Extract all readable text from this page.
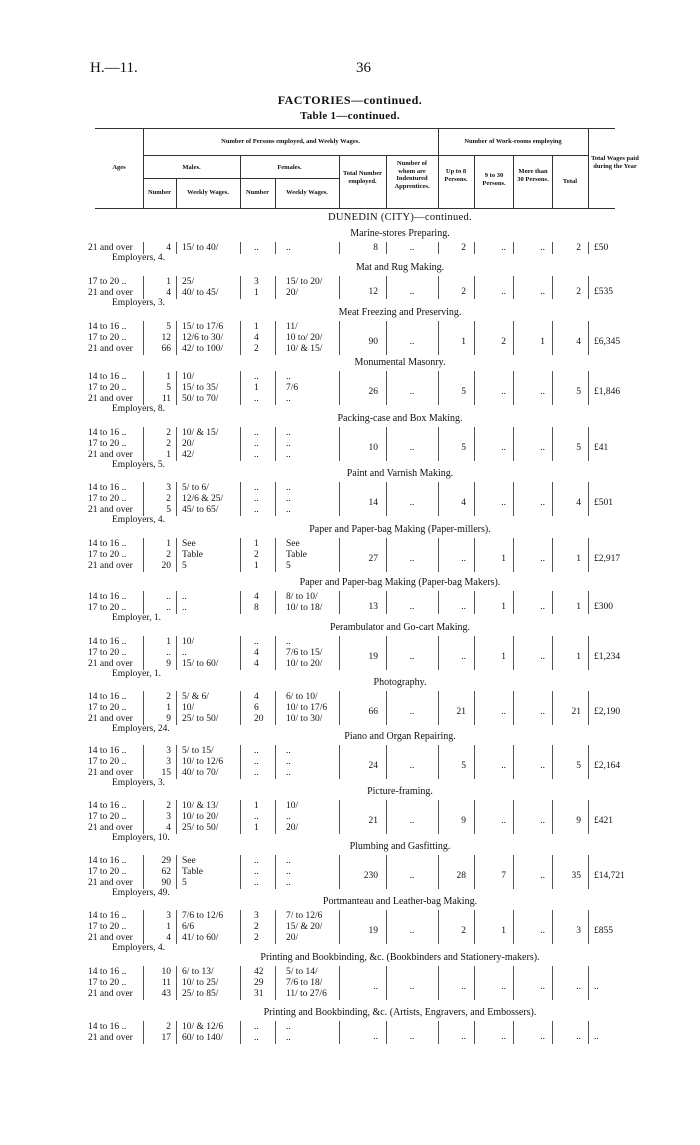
H.—11.	36
FACTORIES—continued.
Table 1—continued.
Ages
Number of Persons employed, and Weekly Wages.
Males.	Females.
Number	Weekly Wages.	Number	Weekly Wages.
Total Number employed.
Number of whom are Indentured Apprentices.
Number of Work-rooms employing
Up to 8 Persons.	9 to 30 Persons.
More than 30 Persons.	Total
Total Wages paid during the Year
DUNEDIN (CITY)—continued.
Marine-stores Preparing.
21 and over	4 15/ to 40/	..	..	8	..	2	..	..	2 £50
Employers, 4.
Mat and Rug Making.
17 to 20 ..	1 25/	3	15/ to 20/
21 and over	4 40/ to 45/	1	20/	12	..	2	..	..	2 £535
Employers, 3.
Meat Freezing and Preserving.
14 to 16 ..	5 15/ to 17/6	1	11/
17 to 20 ..	12 12/6 to 30/	4	10 to/ 20/
21 and over	66 42/ to 100/	2	10/ & 15/
90	..	1	2	1	4 £6,345
Monumental Masonry.
14 to 16 ..	1 10/	..	..
17 to 20 ..	5 15/ to 35/	1	7/6
21 and over	11 50/ to 70/	..	..
26	..	5	..	..	5 £1,846
Employers, 8.
Packing-case and Box Making.
14 to 16 ..	2 10/ & 15/	..	..
17 to 20 ..	2 20/	..	..
21 and over	1 42/	..	..
10	..	5	..	..	5 £41
Employers, 5.
Paint and Varnish Making.
14 to 16 ..	3 5/ to 6/	..	..
17 to 20 ..	2 12/6 & 25/	..	..
21 and over	5 45/ to 65/	..	..
14	..	4	..	..	4 £501
Employers, 4.
Paper and Paper-bag Making (Paper-millers).
14 to 16 ..	1 See	1	See
17 to 20 ..	2 Table	2	Table
21 and over	20 5	1	5
27	..	..	1	..	1 £2,917
Paper and Paper-bag Making (Paper-bag Makers).
14 to 16 ..	.. ..	4	8/ to 10/
17 to 20 ..	.. ..	8	10/ to 18/	13	..	..	1	..	1 £300
Employer, 1.
Perambulator and Go-cart Making.
14 to 16 ..	1 10/	..	..
17 to 20 ..	.. ..	4	7/6 to 15/
21 and over	9 15/ to 60/	4	10/ to 20/
19	..	..	1	..	1 £1,234
Employer, 1.
Photography.
14 to 16 ..	2 5/ & 6/	4	6/ to 10/
17 to 20 ..	1 10/	6	10/ to 17/6
21 and over	9 25/ to 50/	20 10/ to 30/
66	..	21	..	..	21 £2,190
Employers, 24.
Piano and Organ Repairing.
14 to 16 ..	3 5/ to 15/	..	..
17 to 20 ..	3 10/ to 12/6	..	..
21 and over	15 40/ to 70/	..	..
24	..	5	..	..	5 £2,164
Employers, 3.
Picture-framing.
14 to 16 ..	2 10/ & 13/	1	10/
17 to 20 ..	3 10/ to 20/	..	..
21 and over	4 25/ to 50/	1	20/
21	..	9	..	..	9 £421
Employers, 10.
Plumbing and Gasfitting.
14 to 16 ..	29 See	..	..
17 to 20 ..	62 Table	..	..
21 and over	90 5	..	..
230	..	28	7	..	35 £14,721
Employers, 49.
Portmanteau and Leather-bag Making.
14 to 16 ..	3 7/6 to 12/6	3	7/ to 12/6
17 to 20 ..	1 6/6	2	15/ & 20/
21 and over	4 41/ to 60/	2	20/
19	..	2	1	..	3 £855
Employers, 4.
Printing and Bookbinding, &c. (Bookbinders and Stationery-makers).
14 to 16 ..	10 6/ to 13/	42 5/ to 14/
17 to 20 ..	11 10/ to 25/	29 7/6 to 18/
21 and over	43 25/ to 85/	31 11/ to 27/6
..	..	..	..	..	.. ..
Printing and Bookbinding, &c. (Artists, Engravers, and Embossers).
14 to 16 ..	2 10/ & 12/6	..	..
21 and over	17 60/ to 140/	..	..	..	..	..	..	..	.. ..
